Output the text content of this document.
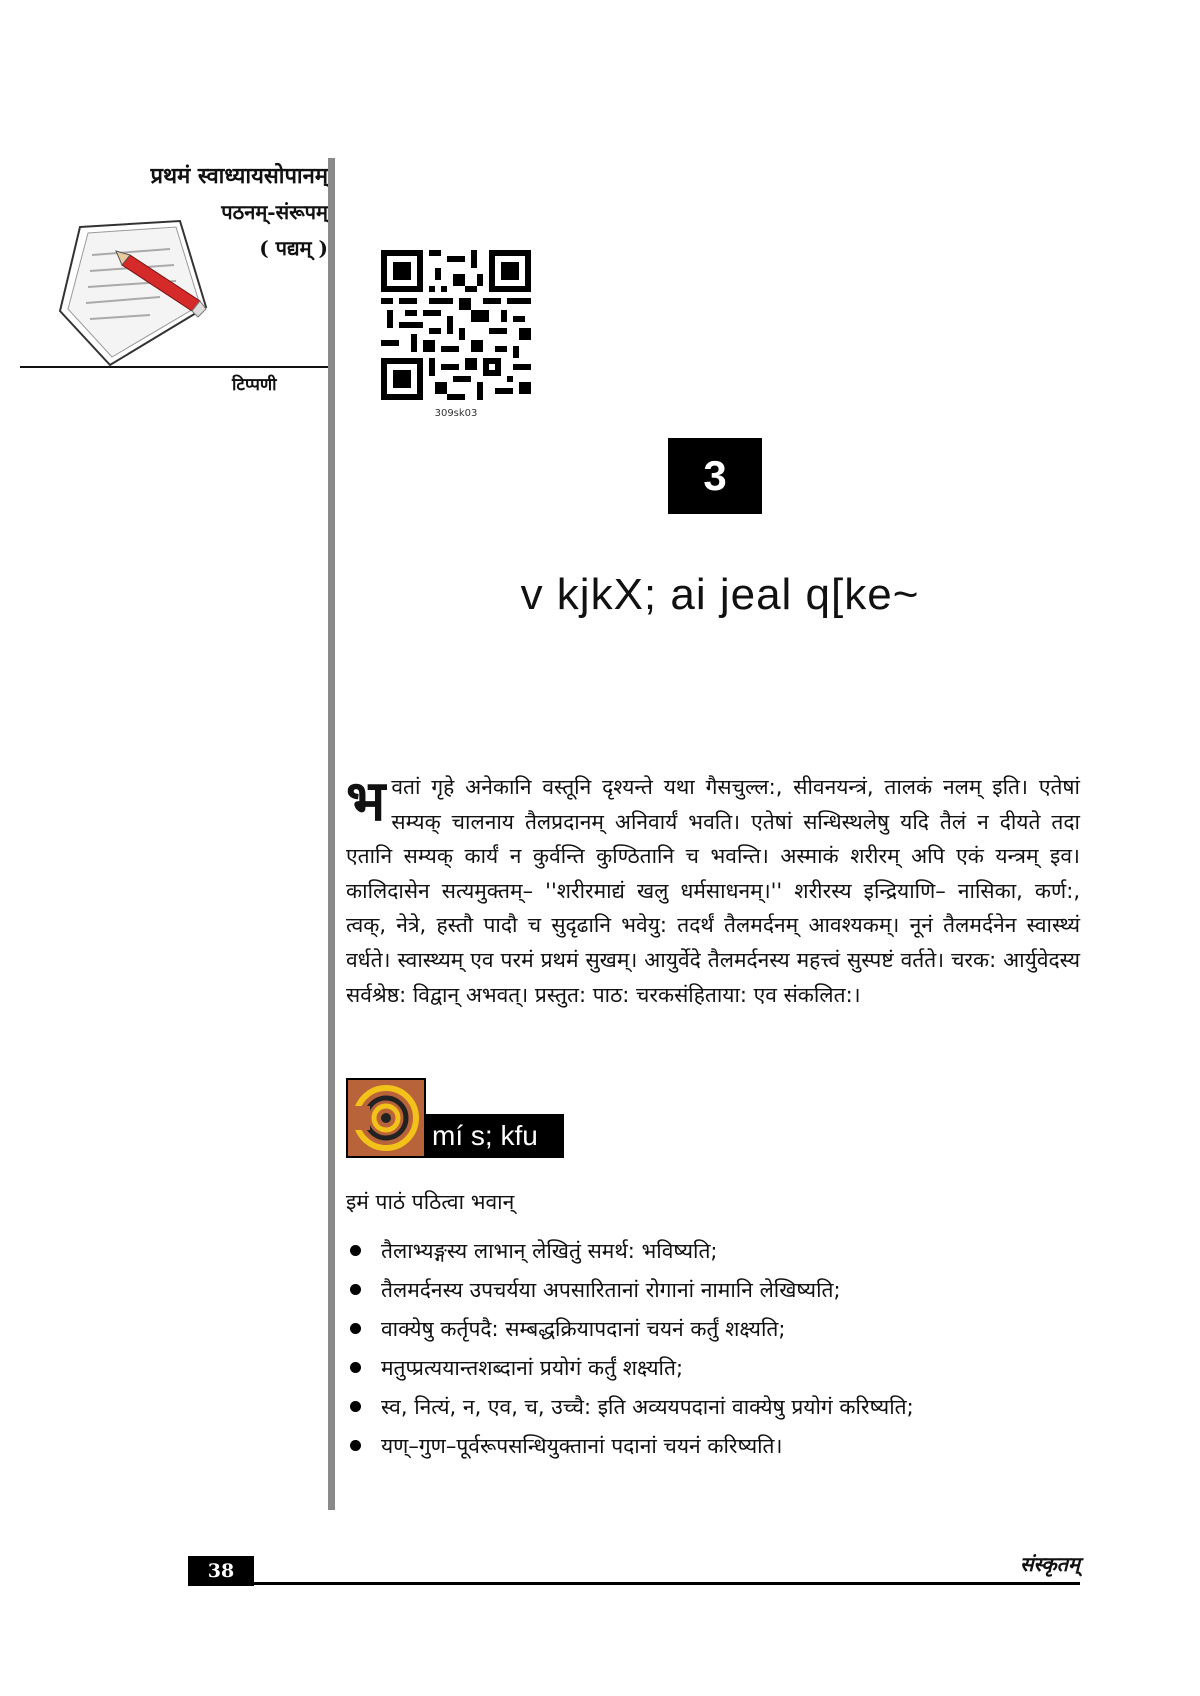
प्रथमं स्वाध्यायसोपानम्
पठनम्-संरूपम्
( पद्यम् )
टिप्पणी
309sk03
3
v kjkX; ai jeal q[ke~
भ वतां गृहे अनेकानि वस्तूनि दृश्यन्ते यथा गैसचुल्ल:, सीवनयन्त्रं, तालकं नलम् इति। एतेषां सम्यक् चालनाय तैलप्रदानम् अनिवार्यं भवति। एतेषां सन्धिस्थलेषु यदि तैलं न दीयते तदा एतानि सम्यक् कार्यं न कुर्वन्ति कुण्ठितानि च भवन्ति। अस्माकं शरीरम् अपि एकं यन्त्रम् इव। कालिदासेन सत्यमुक्तम्– ''शरीरमाद्यं खलु धर्मसाधनम्।'' शरीरस्य इन्द्रियाणि– नासिका, कर्ण:, त्वक्, नेत्रे, हस्तौ पादौ च सुदृढानि भवेयु: तदर्थं तैलमर्दनम् आवश्यकम्। नूनं तैलमर्दनेन स्वास्थ्यं वर्धते। स्वास्थ्यम् एव परमं प्रथमं सुखम्। आयुर्वेदे तैलमर्दनस्य महत्त्वं सुस्पष्टं वर्तते। चरक: आर्युवेदस्य सर्वश्रेष्ठ: विद्वान् अभवत्। प्रस्तुत: पाठ: चरकसंहिताया: एव संकलित:।
mí s; kfu
इमं पाठं पठित्वा भवान्
तैलाभ्यङ्गस्य लाभान् लेखितुं समर्थ: भविष्यति;
तैलमर्दनस्य उपचर्यया अपसारितानां रोगानां नामानि लेखिष्यति;
वाक्येषु कर्तृपदै: सम्बद्धक्रियापदानां चयनं कर्तुं शक्ष्यति;
मतुप्प्रत्ययान्तशब्दानां प्रयोगं कर्तुं शक्ष्यति;
स्व, नित्यं, न, एव, च, उच्चै: इति अव्ययपदानां वाक्येषु प्रयोगं करिष्यति;
यण्–गुण–पूर्वरूपसन्धियुक्तानां पदानां चयनं करिष्यति।
38	संस्कृतम्
